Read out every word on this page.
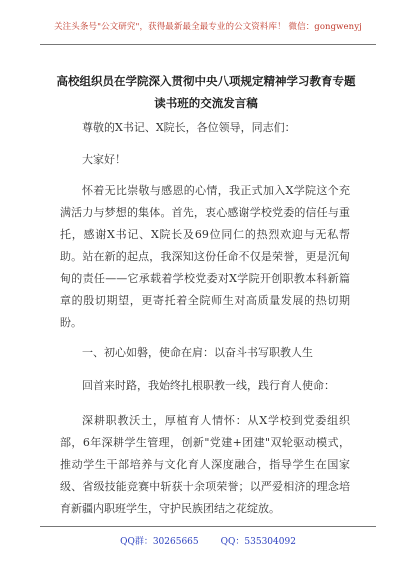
关注头条号"公文研究"，获得最新最全最专业的公文资料库！ 微信：gongwenyj
高校组织员在学院深入贯彻中央八项规定精神学习教育专题读书班的交流发言稿
尊敬的X书记、X院长，各位领导，同志们：
大家好！
怀着无比崇敬与感恩的心情，我正式加入X学院这个充满活力与梦想的集体。首先，衷心感谢学校党委的信任与重托，感谢X书记、X院长及69位同仁的热烈欢迎与无私帮助。站在新的起点，我深知这份任命不仅是荣誉，更是沉甸甸的责任——它承载着学校党委对X学院开创职教本科新篇章的殷切期望，更寄托着全院师生对高质量发展的热切期盼。
一、初心如磐，使命在肩：以奋斗书写职教人生
回首来时路，我始终扎根职教一线，践行育人使命：
深耕职教沃土，厚植育人情怀：从X学校到党委组织部，6年深耕学生管理，创新"党建+团建"双轮驱动模式，推动学生干部培养与文化育人深度融合，指导学生在国家级、省级技能竞赛中斩获十余项荣誉；以严爱相济的理念培育新疆内职班学生，守护民族团结之花绽放。
QQ群：30265665 QQ：535304092
